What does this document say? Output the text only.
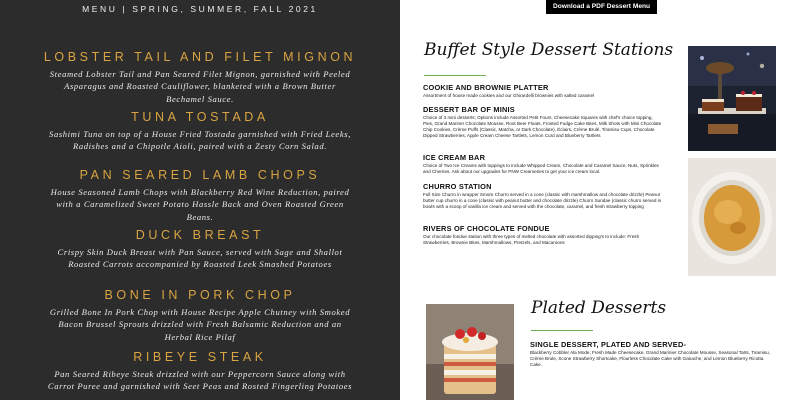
MENU | SPRING, SUMMER, FALL 2021
LOBSTER TAIL AND FILET MIGNON
Steamed Lobster Tail and Pan Seared Filet Mignon, garnished with Peeled Asparagus and Roasted Cauliflower, blanketed with a Brown Butter Bechamel Sauce.
TUNA TOSTADA
Sashimi Tuna on top of a House Fried Tostada garnished with Fried Leeks, Radishes and a Chipotle Aioli, paired with a Zesty Corn Salad.
PAN SEARED LAMB CHOPS
House Seasoned Lamb Chops with Blackberry Red Wine Reduction, paired with a Caramelized Sweet Potato Hassle Back and Oven Roasted Green Beans.
DUCK BREAST
Crispy Skin Duck Breast with Pan Sauce, served with Sage and Shallot Roasted Carrots accompanied by Roasted Leek Smashed Potatoes
BONE IN PORK CHOP
Grilled Bone In Pork Chop with House Recipe Apple Chutney with Smoked Bacon Brussel Sprouts drizzled with Fresh Balsamic Reduction and an Herbal Rice Pilaf
RIBEYE STEAK
Pan Seared Ribeye Steak drizzled with our Peppercorn Sauce along with Carrot Puree and garnished with Seet Peas and Rosted Fingerling Potatoes
Download a PDF Dessert Menu
Buffet Style Dessert Stations
COOKIE AND BROWNIE PLATTER
Assortment of house made cookies and our Ghirardelli brownies with salted caramel
DESSERT BAR OF MINIS
Choice of 3 mini desserts; Options include Assorted Petit Fours, Cheesecake Squares with chef's choice topping, Pies, Grand Mariner Chocolate Mousse, Root Beer Floats, Frosted Fudge Cake Bites, Milk Shots with Mini Chocolate Chip Cookies, Crème Puffs (Classic, Matcha, or Dark Chocolate), Éclairs, Crème Brulé, Tiramisu Cups, Chocolate Dipped Strawberries, Apple Cream Cheese Tartlets, Lemon Curd and Blueberry Tartlets
ICE CREAM BAR
Choice of Two Ice Creams with toppings to include Whipped Cream, Chocolate and Caramel Sauce, Nuts, Sprinkles and Cherries. Ask about our upgrades for PNW Creameries to get your ice cream local.
CHURRO STATION
Full Size Churro in wrapper Smore Churro served in a cone (classic with marshmallow and chocolate drizzle) Peanut butter cup churro in a cone (classic with peanut butter and chocolate drizzle) Churro Sundae (classic churro served in bowls with a scoop of vanilla ice cream and served with the chocolate, caramel, and fresh strawberry topping
RIVERS OF CHOCOLATE FONDUE
Our chocolate fondue station with three types of melted chocolate with assorted dipping's to include: Fresh Strawberries, Brownie Bites, Marshmallows, Pretzels, and Macaroons
Plated Desserts
SINGLE DESSERT, PLATED AND SERVED-
Blackberry Cobbler Ala Mode, Fresh Made Cheesecake, Grand Marinier Chocolate Mousse, Seasonal Tarts, Tiramisu, Crème Brule, Scone Strawberry Shortcake, Flourless Chocolate Cake with Ganache, and Lemon Blueberry Ricotta Cake.
